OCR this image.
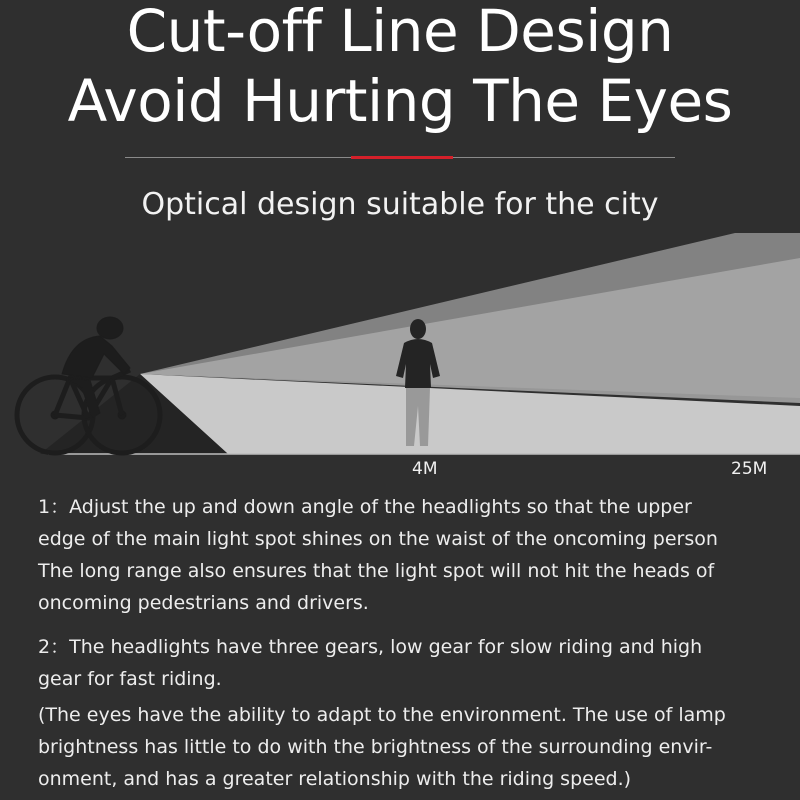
Cut-off Line Design
Avoid Hurting The Eyes
Optical design suitable for the city
4M	25M

1：Adjust the up and down angle of the headlights so that the upper
edge of the main light spot shines on the waist of the oncoming person
The long range also ensures that the light spot will not hit the heads of
oncoming pedestrians and drivers.

2：The headlights have three gears, low gear for slow riding and high
gear for fast riding.

(The eyes have the ability to adapt to the environment. The use of lamp
brightness has little to do with the brightness of the surrounding envir-
onment, and has a greater relationship with the riding speed.)
